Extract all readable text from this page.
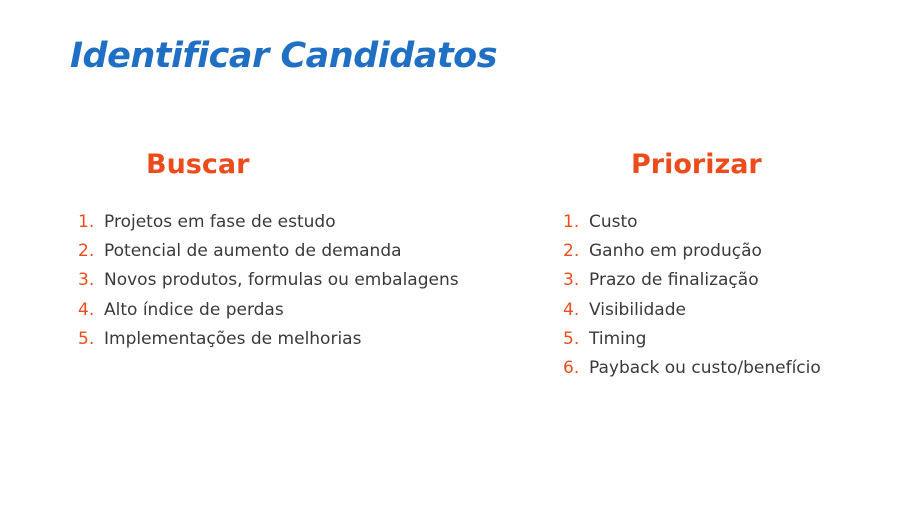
Identificar Candidatos
Buscar
1. Projetos em fase de estudo
2. Potencial de aumento de demanda
3. Novos produtos, formulas ou embalagens
4. Alto índice de perdas
5. Implementações de melhorias
Priorizar
1. Custo
2. Ganho em produção
3. Prazo de finalização
4. Visibilidade
5. Timing
6. Payback ou custo/benefício
